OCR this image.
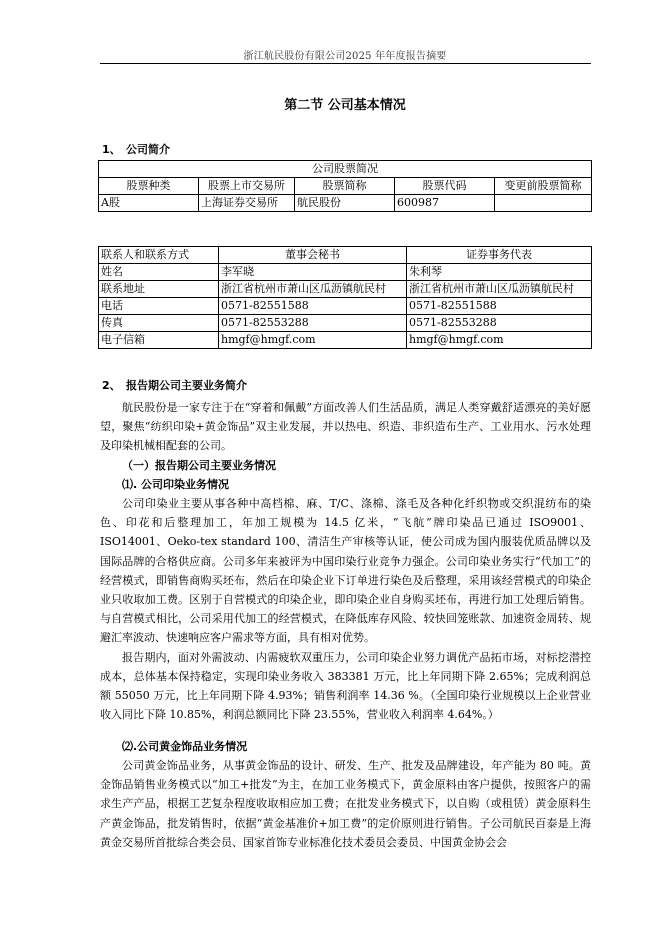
浙江航民股份有限公司2025 年年度报告摘要
第二节 公司基本情况
1、 公司简介
公司股票简况				
股票种类	股票上市交易所	股票简称	股票代码	变更前股票简称
A股	上海证券交易所	航民股份	600987	
联系人和联系方式	董事会秘书	证券事务代表
姓名	李军晓	朱利琴
联系地址	浙江省杭州市萧山区瓜沥镇航民村	浙江省杭州市萧山区瓜沥镇航民村
电话	0571-82551588	0571-82551588
传真	0571-82553288	0571-82553288
电子信箱	hmgf@hmgf.com	hmgf@hmgf.com
2、 报告期公司主要业务简介

航民股份是一家专注于在“穿着和佩戴”方面改善人们生活品质，满足人类穿戴舒适漂亮的美好愿望，聚焦“纺织印染+黄金饰品”双主业发展，并以热电、织造、非织造布生产、工业用水、污水处理及印染机械相配套的公司。

（一）报告期公司主要业务情况
⑴. 公司印染业务情况

公司印染业主要从事各种中高档棉、麻、T/C、涤棉、涤毛及各种化纤织物或交织混纺布的染色、印花和后整理加工，年加工规模为 14.5 亿米，“飞航”牌印染品已通过 ISO9001、ISO14001、Oeko-tex standard 100、清洁生产审核等认证，使公司成为国内服装优质品牌以及国际品牌的合格供应商。公司多年来被评为中国印染行业竞争力强企。公司印染业务实行“代加工”的经营模式，即销售商购买坯布，然后在印染企业下订单进行染色及后整理，采用该经营模式的印染企业只收取加工费。区别于自营模式的印染企业，即印染企业自身购买坯布，再进行加工处理后销售。与自营模式相比，公司采用代加工的经营模式，在降低库存风险、较快回笼账款、加速资金周转、规避汇率波动、快速响应客户需求等方面，具有相对优势。

报告期内，面对外需波动、内需疲软双重压力，公司印染企业努力调优产品拓市场，对标挖潜控成本，总体基本保持稳定，实现印染业务收入 383381 万元，比上年同期下降 2.65%；完成利润总额 55050 万元，比上年同期下降 4.93%；销售利润率 14.36 %。（全国印染行业规模以上企业营业收入同比下降 10.85%，利润总额同比下降 23.55%，营业收入利润率 4.64%。）

⑵.公司黄金饰品业务情况

公司黄金饰品业务，从事黄金饰品的设计、研发、生产、批发及品牌建设，年产能为 80 吨。黄金饰品销售业务模式以“加工+批发”为主，在加工业务模式下，黄金原料由客户提供，按照客户的需求生产产品，根据工艺复杂程度收取相应加工费；在批发业务模式下，以自购（或租赁）黄金原料生产黄金饰品，批发销售时，依据“黄金基准价+加工费”的定价原则进行销售。子公司航民百泰是上海黄金交易所首批综合类会员、国家首饰专业标准化技术委员会委员、中国黄金协会会
